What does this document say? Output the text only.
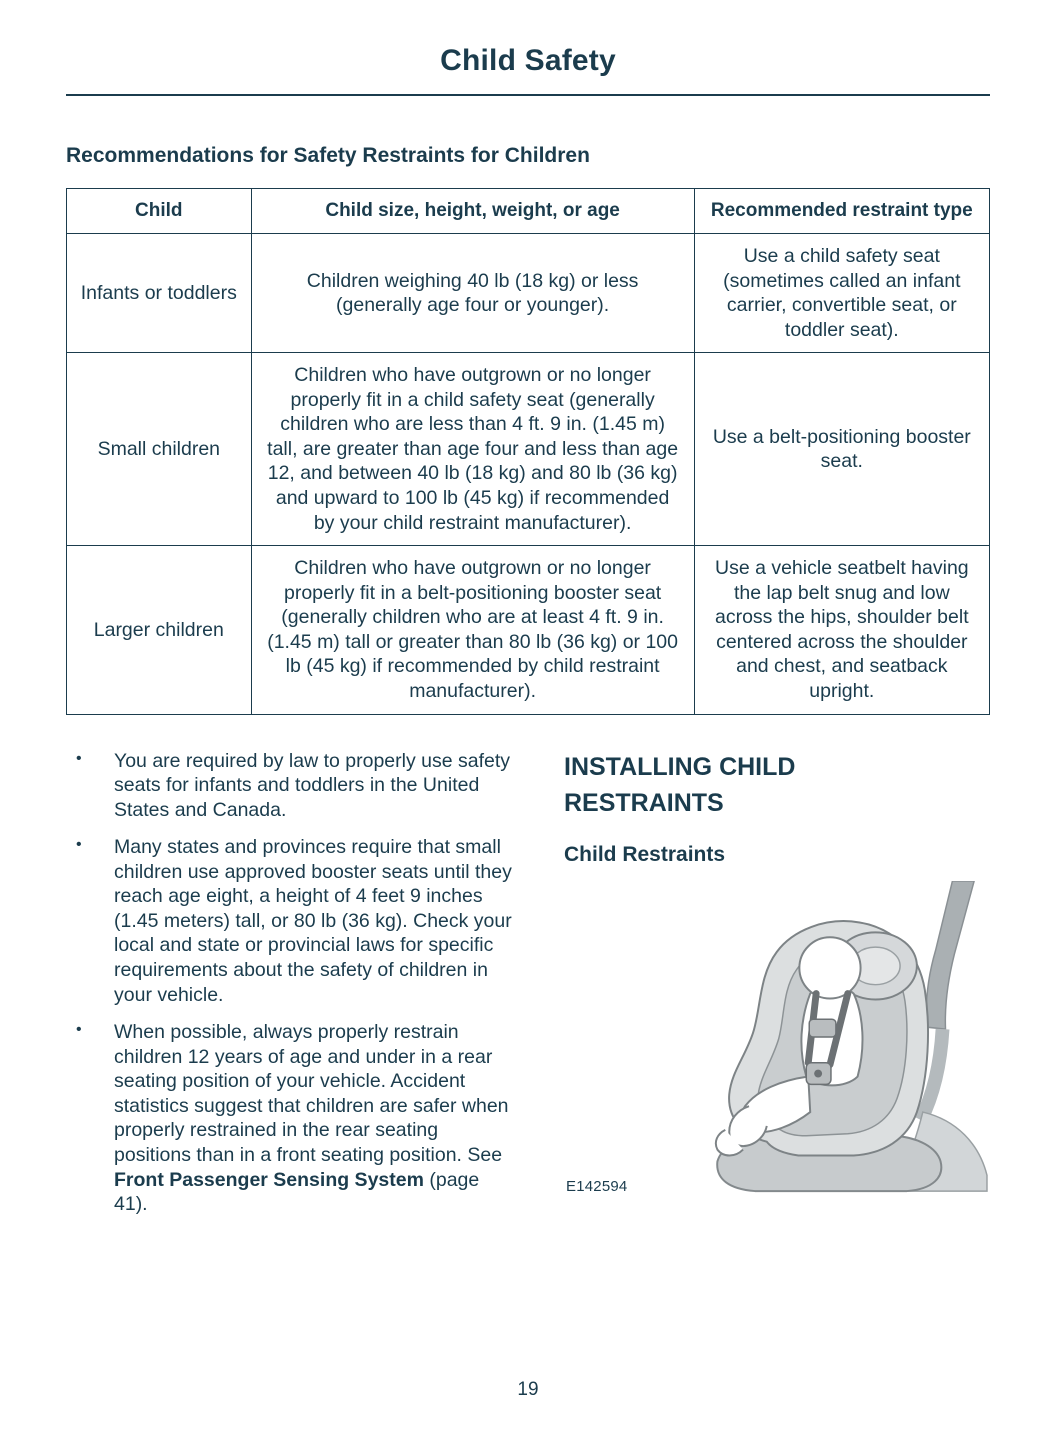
Child Safety
Recommendations for Safety Restraints for Children
Child	Child size, height, weight, or age	Recommended restraint type
Infants or toddlers	Children weighing 40 lb (18 kg) or less (generally age four or younger).	Use a child safety seat (sometimes called an infant carrier, convertible seat, or toddler seat).
Small children	Children who have outgrown or no longer properly fit in a child safety seat (generally children who are less than 4 ft. 9 in. (1.45 m) tall, are greater than age four and less than age 12, and between 40 lb (18 kg) and 80 lb (36 kg) and upward to 100 lb (45 kg) if recommended by your child restraint manufacturer).	Use a belt-positioning booster seat.
Larger children	Children who have outgrown or no longer properly fit in a belt-positioning booster seat (generally children who are at least 4 ft. 9 in. (1.45 m) tall or greater than 80 lb (36 kg) or 100 lb (45 kg) if recommended by child restraint manufacturer).	Use a vehicle seatbelt having the lap belt snug and low across the hips, shoulder belt centered across the shoulder and chest, and seatback upright.
• You are required by law to properly use safety seats for infants and toddlers in the United States and Canada.
• Many states and provinces require that small children use approved booster seats until they reach age eight, a height of 4 feet 9 inches (1.45 meters) tall, or 80 lb (36 kg). Check your local and state or provincial laws for specific requirements about the safety of children in your vehicle.
• When possible, always properly restrain children 12 years of age and under in a rear seating position of your vehicle. Accident statistics suggest that children are safer when properly restrained in the rear seating positions than in a front seating position. See Front Passenger Sensing System (page 41).
INSTALLING CHILD RESTRAINTS
Child Restraints
E142594
19
